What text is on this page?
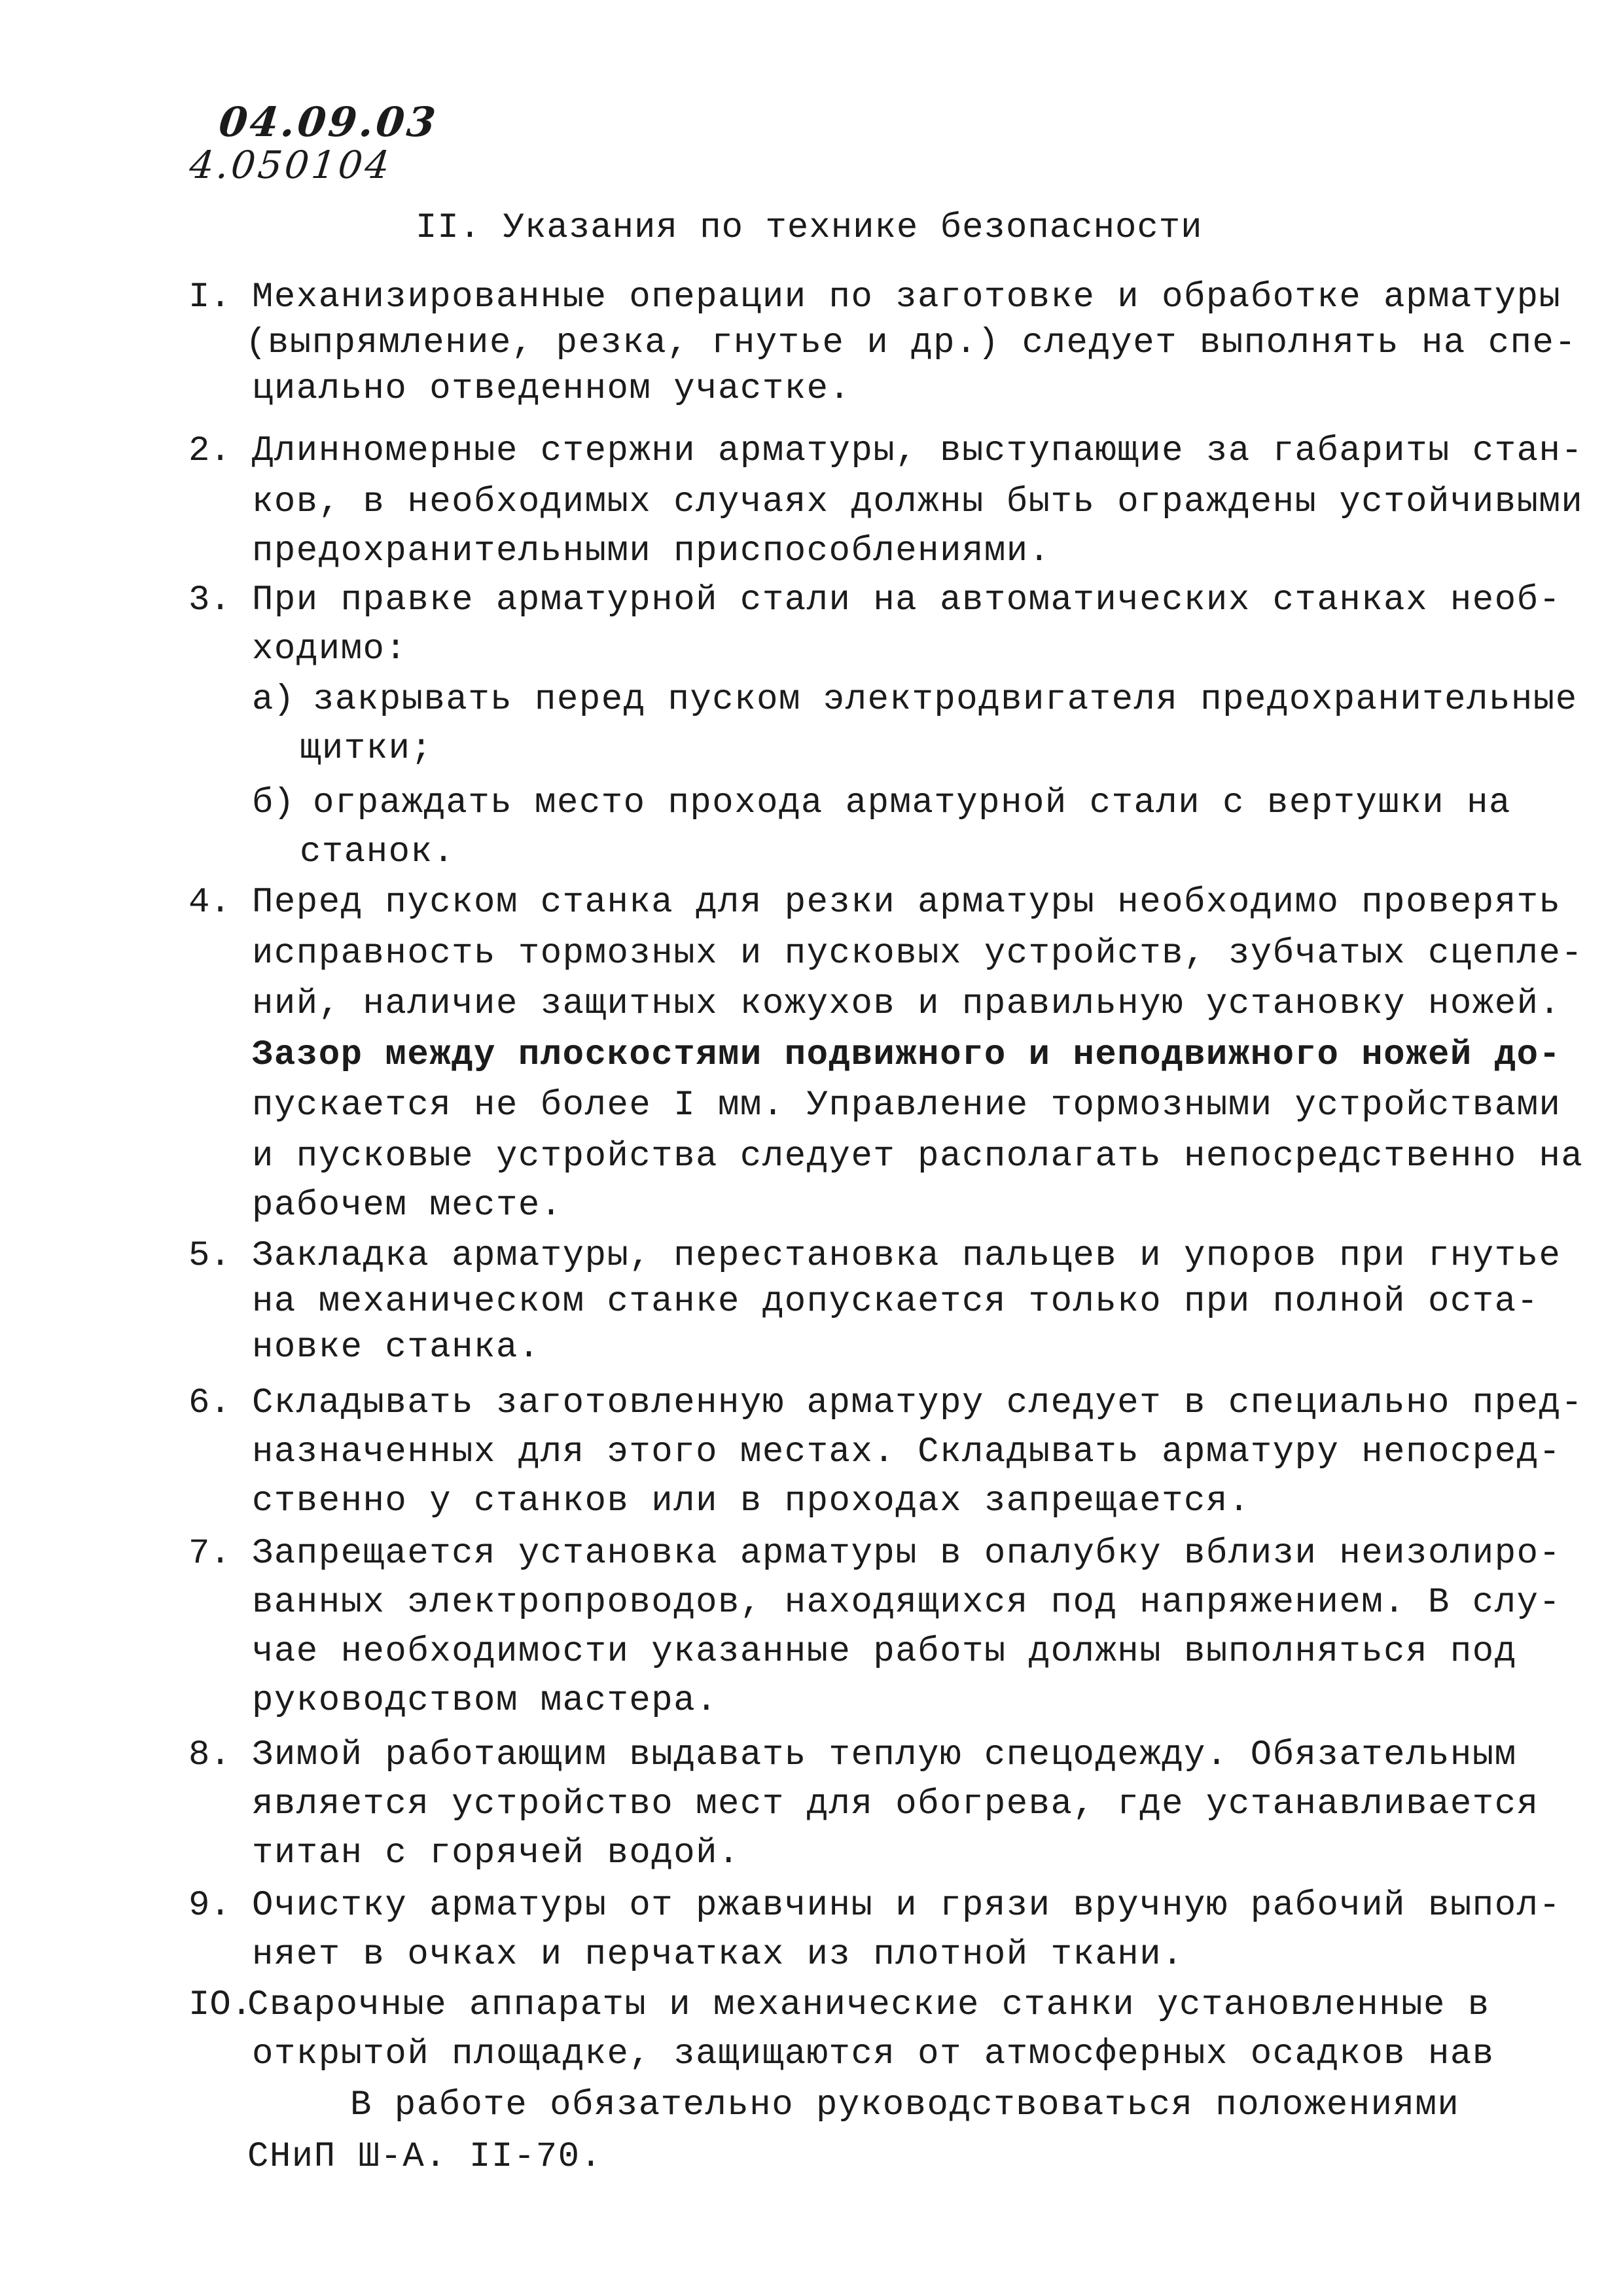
04.09.03
4.050104
II. Указания по технике безопасности
I. Механизированные операции по заготовке и обработке арматуры
(выпрямление, резка, гнутье и др.) следует выполнять на спе-
циально отведенном участке.
2. Длинномерные стержни арматуры, выступающие за габариты стан-
ков, в необходимых случаях должны быть ограждены устойчивыми
предохранительными приспособлениями.
3. При правке арматурной стали на автоматических станках необ-
ходимо:
а) закрывать перед пуском электродвигателя предохранительные
щитки;
б) ограждать место прохода арматурной стали с вертушки на
станок.
4. Перед пуском станка для резки арматуры необходимо проверять
исправность тормозных и пусковых устройств, зубчатых сцепле-
ний, наличие защитных кожухов и правильную установку ножей.
Зазор между плоскостями подвижного и неподвижного ножей до-
пускается не более I мм. Управление тормозными устройствами
и пусковые устройства следует располагать непосредственно на
рабочем месте.
5. Закладка арматуры, перестановка пальцев и упоров при гнутье
на механическом станке допускается только при полной оста-
новке станка.
6. Складывать заготовленную арматуру следует в специально пред-
назначенных для этого местах. Складывать арматуру непосред-
ственно у станков или в проходах запрещается.
7. Запрещается установка арматуры в опалубку вблизи неизолиро-
ванных электропроводов, находящихся под напряжением. В слу-
чае необходимости указанные работы должны выполняться под
руководством мастера.
8. Зимой работающим выдавать теплую спецодежду. Обязательным
является устройство мест для обогрева, где устанавливается
титан с горячей водой.
9. Очистку арматуры от ржавчины и грязи вручную рабочий выпол-
няет в очках и перчатках из плотной ткани.
IO.
Сварочные аппараты и механические станки установленные в
открытой площадке, защищаются от атмосферных осадков нав
В работе обязательно руководствоваться положениями
СНиП Ш-А. II-70.
